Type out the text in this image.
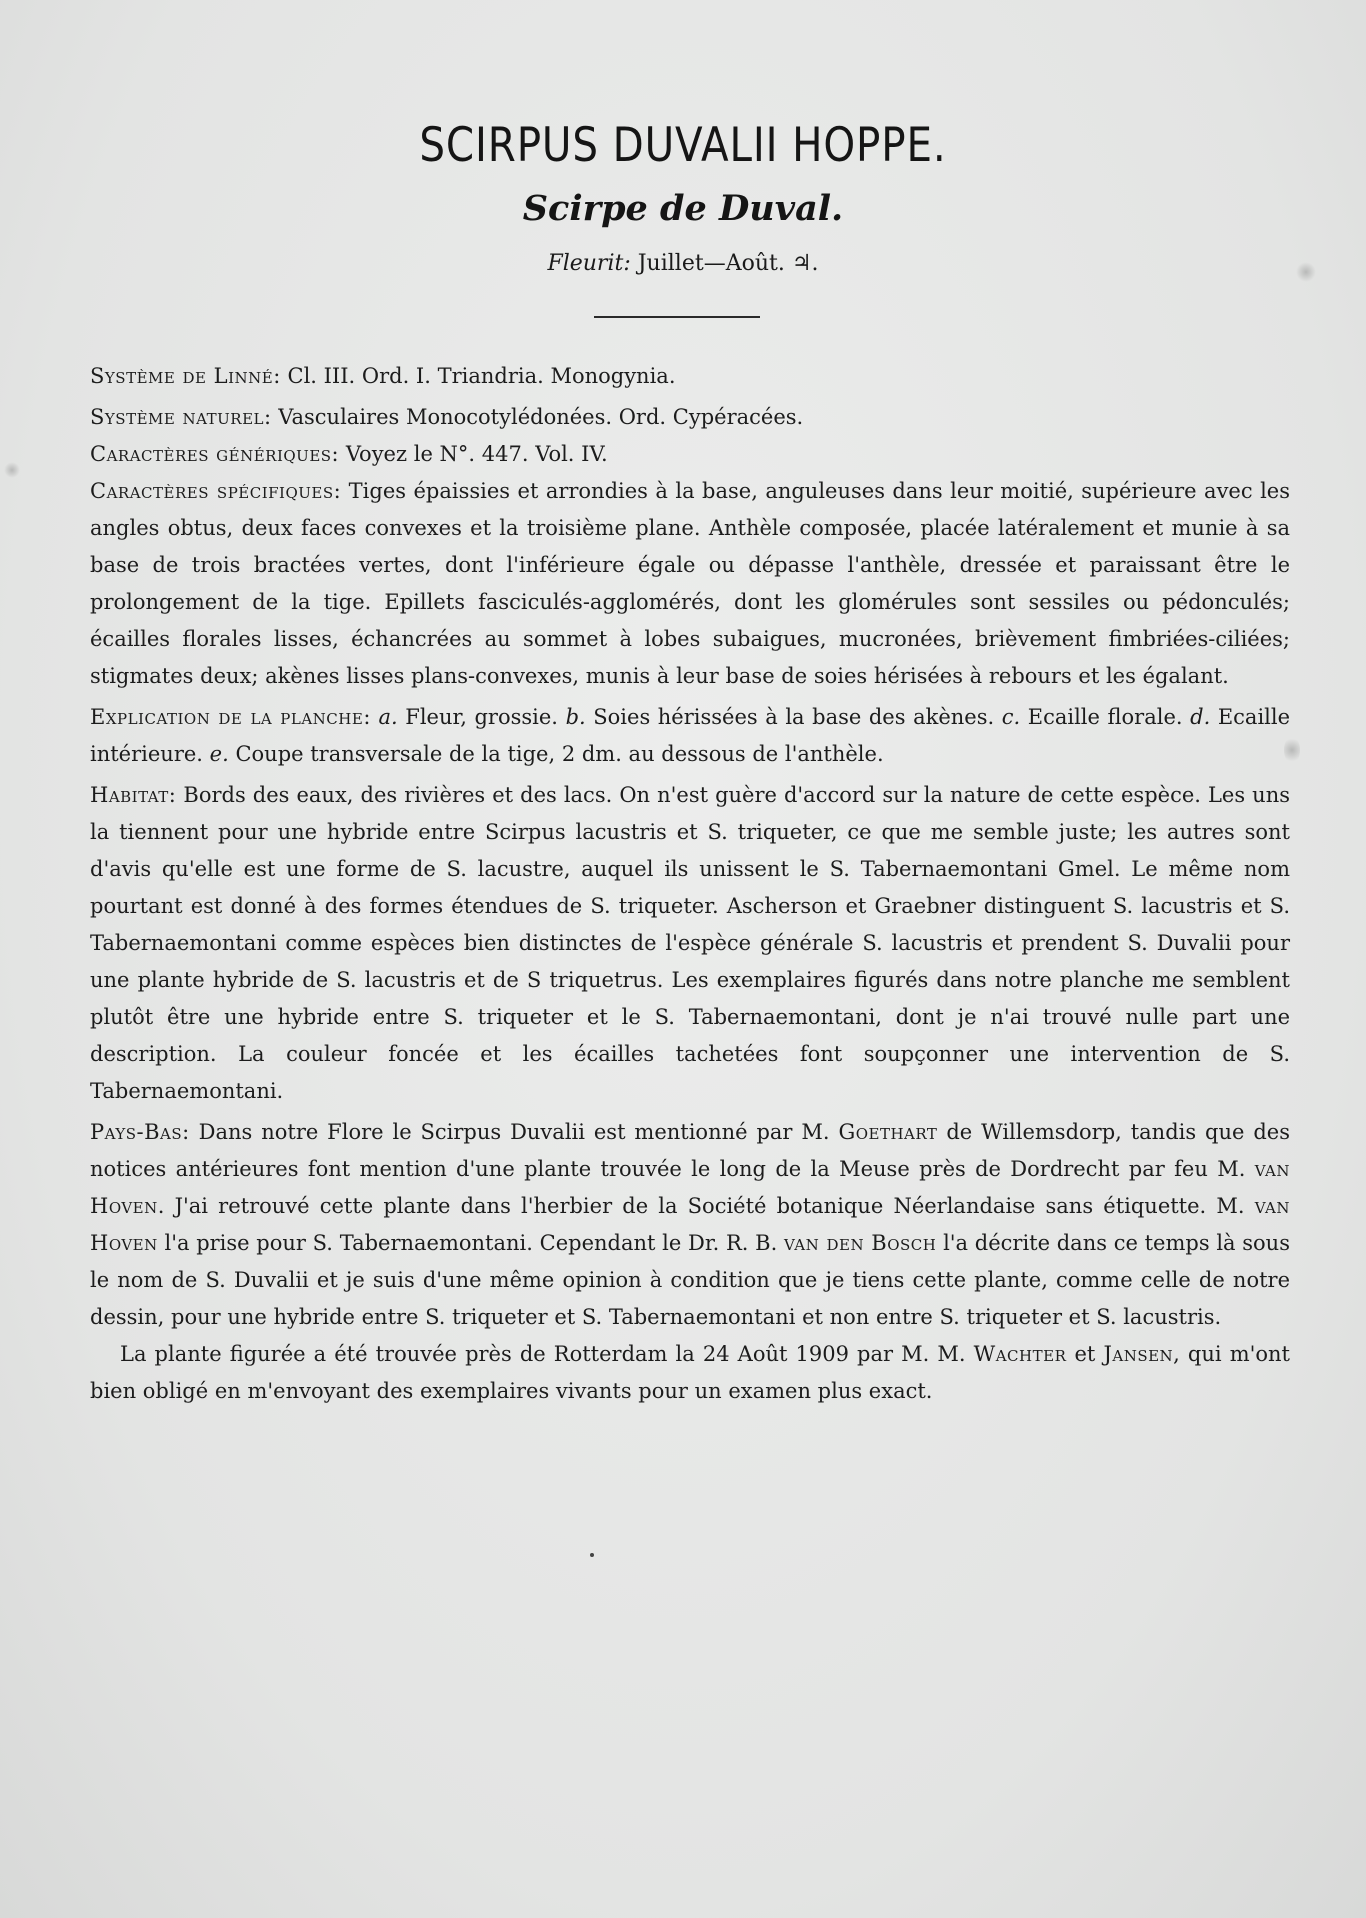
SCIRPUS DUVALII HOPPE.
Scirpe de Duval.
Fleurit: Juillet—Août. ♃.

Système de Linné: Cl. III. Ord. I. Triandria. Monogynia.

Système naturel: Vasculaires Monocotylédonées. Ord. Cypéracées.

Caractères génériques: Voyez le N°. 447. Vol. IV.

Caractères spécifiques: Tiges épaissies et arrondies à la base, anguleuses dans leur moitié, supérieure avec les angles obtus, deux faces convexes et la troisième plane. Anthèle composée, placée latéralement et munie à sa base de trois bractées vertes, dont l'inférieure égale ou dépasse l'anthèle, dressée et paraissant être le prolongement de la tige. Epillets fasciculés-agglomérés, dont les glomérules sont sessiles ou pédonculés; écailles florales lisses, échancrées au sommet à lobes subaigues, mucronées, brièvement fimbriées-ciliées; stigmates deux; akènes lisses plans-convexes, munis à leur base de soies hérisées à rebours et les égalant.

Explication de la planche: a. Fleur, grossie. b. Soies hérissées à la base des akènes. c. Ecaille florale. d. Ecaille intérieure. e. Coupe transversale de la tige, 2 dm. au dessous de l'anthèle.

Habitat: Bords des eaux, des rivières et des lacs. On n'est guère d'accord sur la nature de cette espèce. Les uns la tiennent pour une hybride entre Scirpus lacustris et S. triqueter, ce que me semble juste; les autres sont d'avis qu'elle est une forme de S. lacustre, auquel ils unissent le S. Tabernaemontani Gmel. Le même nom pourtant est donné à des formes étendues de S. triqueter. Ascherson et Graebner distinguent S. lacustris et S. Tabernaemontani comme espèces bien distinctes de l'espèce générale S. lacustris et prendent S. Duvalii pour une plante hybride de S. lacustris et de S triquetrus. Les exemplaires figurés dans notre planche me semblent plutôt être une hybride entre S. triqueter et le S. Tabernaemontani, dont je n'ai trouvé nulle part une description. La couleur foncée et les écailles tachetées font soupçonner une intervention de S. Tabernaemontani.

Pays-Bas: Dans notre Flore le Scirpus Duvalii est mentionné par M. Goethart de Willemsdorp, tandis que des notices antérieures font mention d'une plante trouvée le long de la Meuse près de Dordrecht par feu M. van Hoven. J'ai retrouvé cette plante dans l'herbier de la Société botanique Néerlandaise sans étiquette. M. van Hoven l'a prise pour S. Tabernaemontani. Cependant le Dr. R. B. van den Bosch l'a décrite dans ce temps là sous le nom de S. Duvalii et je suis d'une même opinion à condition que je tiens cette plante, comme celle de notre dessin, pour une hybride entre S. triqueter et S. Tabernaemontani et non entre S. triqueter et S. lacustris.

La plante figurée a été trouvée près de Rotterdam la 24 Août 1909 par M. M. Wachter et Jansen, qui m'ont bien obligé en m'envoyant des exemplaires vivants pour un examen plus exact.
